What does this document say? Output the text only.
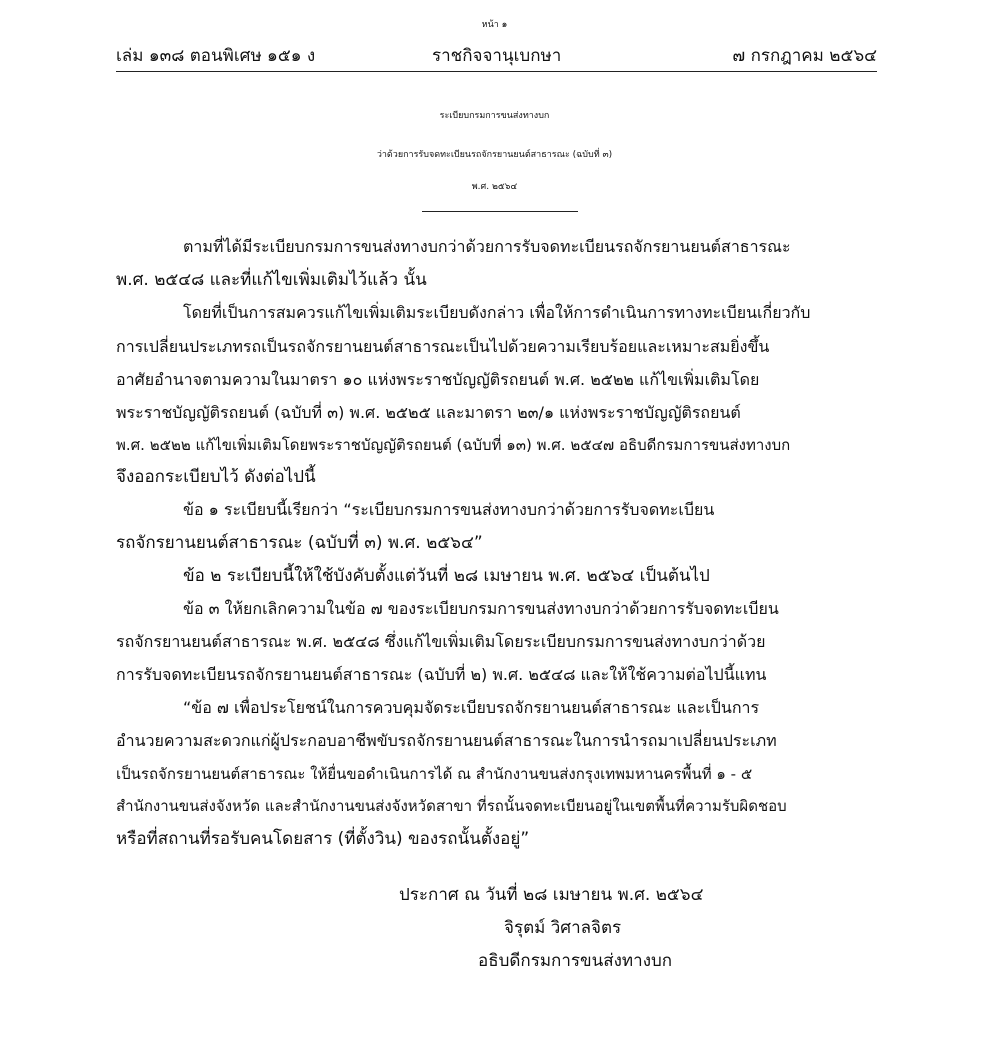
หน้า ๑
เล่ม ๑๓๘ ตอนพิเศษ ๑๕๑ ง	ราชกิจจานุเบกษา	๗ กรกฎาคม ๒๕๖๔
ระเบียบกรมการขนส่งทางบก
ว่าด้วยการรับจดทะเบียนรถจักรยานยนต์สาธารณะ (ฉบับที่ ๓)
พ.ศ. ๒๕๖๔
ตามที่ได้มีระเบียบกรมการขนส่งทางบกว่าด้วยการรับจดทะเบียนรถจักรยานยนต์สาธารณะ
พ.ศ. ๒๕๔๘ และที่แก้ไขเพิ่มเติมไว้แล้ว นั้น
โดยที่เป็นการสมควรแก้ไขเพิ่มเติมระเบียบดังกล่าว เพื่อให้การดำเนินการทางทะเบียนเกี่ยวกับ
การเปลี่ยนประเภทรถเป็นรถจักรยานยนต์สาธารณะเป็นไปด้วยความเรียบร้อยและเหมาะสมยิ่งขึ้น
อาศัยอำนาจตามความในมาตรา ๑๐ แห่งพระราชบัญญัติรถยนต์ พ.ศ. ๒๕๒๒ แก้ไขเพิ่มเติมโดย
พระราชบัญญัติรถยนต์ (ฉบับที่ ๓) พ.ศ. ๒๕๒๕ และมาตรา ๒๓/๑ แห่งพระราชบัญญัติรถยนต์
พ.ศ. ๒๕๒๒ แก้ไขเพิ่มเติมโดยพระราชบัญญัติรถยนต์ (ฉบับที่ ๑๓) พ.ศ. ๒๕๔๗ อธิบดีกรมการขนส่งทางบก
จึงออกระเบียบไว้ ดังต่อไปนี้
ข้อ ๑ ระเบียบนี้เรียกว่า “ระเบียบกรมการขนส่งทางบกว่าด้วยการรับจดทะเบียน
รถจักรยานยนต์สาธารณะ (ฉบับที่ ๓) พ.ศ. ๒๕๖๔”
ข้อ ๒ ระเบียบนี้ให้ใช้บังคับตั้งแต่วันที่ ๒๘ เมษายน พ.ศ. ๒๕๖๔ เป็นต้นไป
ข้อ ๓ ให้ยกเลิกความในข้อ ๗ ของระเบียบกรมการขนส่งทางบกว่าด้วยการรับจดทะเบียน
รถจักรยานยนต์สาธารณะ พ.ศ. ๒๕๔๘ ซึ่งแก้ไขเพิ่มเติมโดยระเบียบกรมการขนส่งทางบกว่าด้วย
การรับจดทะเบียนรถจักรยานยนต์สาธารณะ (ฉบับที่ ๒) พ.ศ. ๒๕๔๘ และให้ใช้ความต่อไปนี้แทน
“ข้อ ๗ เพื่อประโยชน์ในการควบคุมจัดระเบียบรถจักรยานยนต์สาธารณะ และเป็นการ
อำนวยความสะดวกแก่ผู้ประกอบอาชีพขับรถจักรยานยนต์สาธารณะในการนำรถมาเปลี่ยนประเภท
เป็นรถจักรยานยนต์สาธารณะ ให้ยื่นขอดำเนินการได้ ณ สำนักงานขนส่งกรุงเทพมหานครพื้นที่ ๑ - ๕
สำนักงานขนส่งจังหวัด และสำนักงานขนส่งจังหวัดสาขา ที่รถนั้นจดทะเบียนอยู่ในเขตพื้นที่ความรับผิดชอบ
หรือที่สถานที่รอรับคนโดยสาร (ที่ตั้งวิน) ของรถนั้นตั้งอยู่”
ประกาศ ณ วันที่ ๒๘ เมษายน พ.ศ. ๒๕๖๔
จิรุตม์ วิศาลจิตร
อธิบดีกรมการขนส่งทางบก
